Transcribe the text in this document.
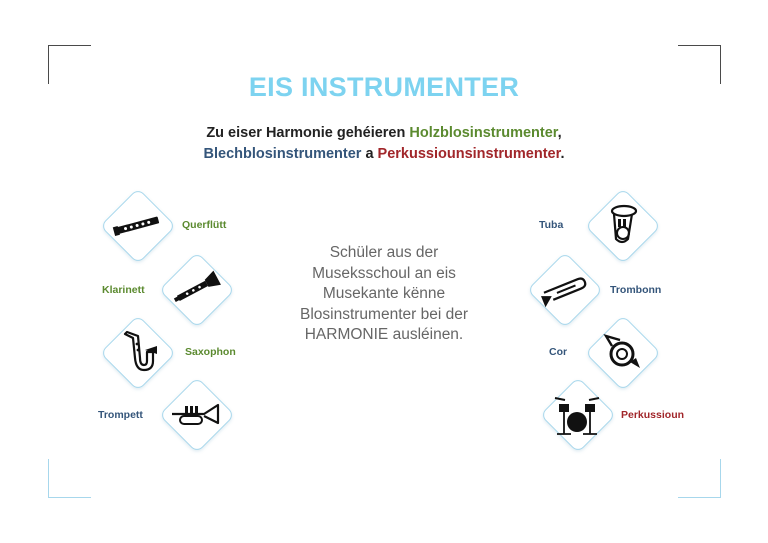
EIS INSTRUMENTER
Zu eiser Harmonie gehéieren Holzblosinstrumenter,
Blechblosinstrumenter a Perkussiounsinstrumenter.
Schüler aus der Museksschoul an eis Musekante kënne Blosinstrumenter bei der HARMONIE ausléinen.
Querflütt
Klarinett
Saxophon
Trompett
Tuba
Trombonn
Cor
Perkussioun
